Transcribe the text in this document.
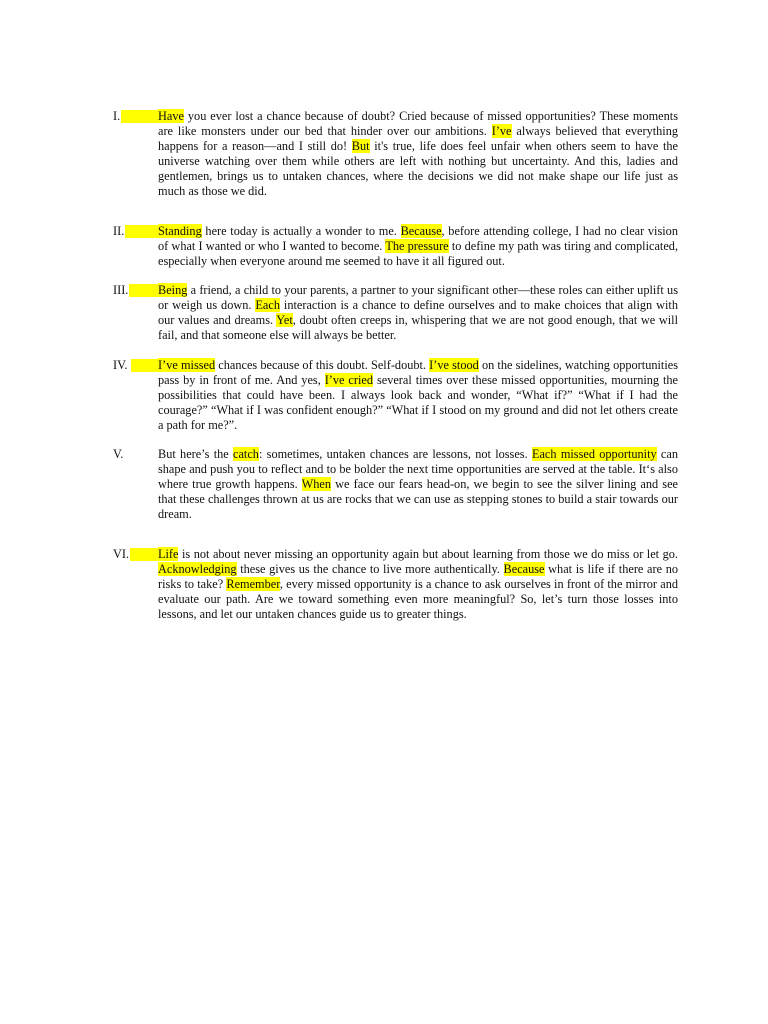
I.	Have you ever lost a chance because of doubt? Cried because of missed opportunities? These moments are like monsters under our bed that hinder over our ambitions. I’ve always believed that everything happens for a reason—and I still do! But it's true, life does feel unfair when others seem to have the universe watching over them while others are left with nothing but uncertainty. And this, ladies and gentlemen, brings us to untaken chances, where the decisions we did not make shape our life just as much as those we did.

II.	Standing here today is actually a wonder to me. Because, before attending college, I had no clear vision of what I wanted or who I wanted to become. The pressure to define my path was tiring and complicated, especially when everyone around me seemed to have it all figured out.

III. Being a friend, a child to your parents, a partner to your significant other—these roles can either uplift us or weigh us down. Each interaction is a chance to define ourselves and to make choices that align with our values and dreams. Yet, doubt often creeps in, whispering that we are not good enough, that we will fail, and that someone else will always be better.

IV. I’ve missed chances because of this doubt. Self-doubt. I’ve stood on the sidelines, watching opportunities pass by in front of me. And yes, I’ve cried several times over these missed opportunities, mourning the possibilities that could have been. I always look back and wonder, “What if?” “What if I had the courage?” “What if I was confident enough?” “What if I stood on my ground and did not let others create a path for me?”.

V.	But here’s the catch: sometimes, untaken chances are lessons, not losses. Each missed opportunity can shape and push you to reflect and to be bolder the next time opportunities are served at the table. It‘s also where true growth happens. When we face our fears head-on, we begin to see the silver lining and see that these challenges thrown at us are rocks that we can use as stepping stones to build a stair towards our dream.

VI. Life is not about never missing an opportunity again but about learning from those we do miss or let go. Acknowledging these gives us the chance to live more authentically. Because what is life if there are no risks to take? Remember, every missed opportunity is a chance to ask ourselves in front of the mirror and evaluate our path. Are we toward something even more meaningful? So, let’s turn those losses into lessons, and let our untaken chances guide us to greater things.
